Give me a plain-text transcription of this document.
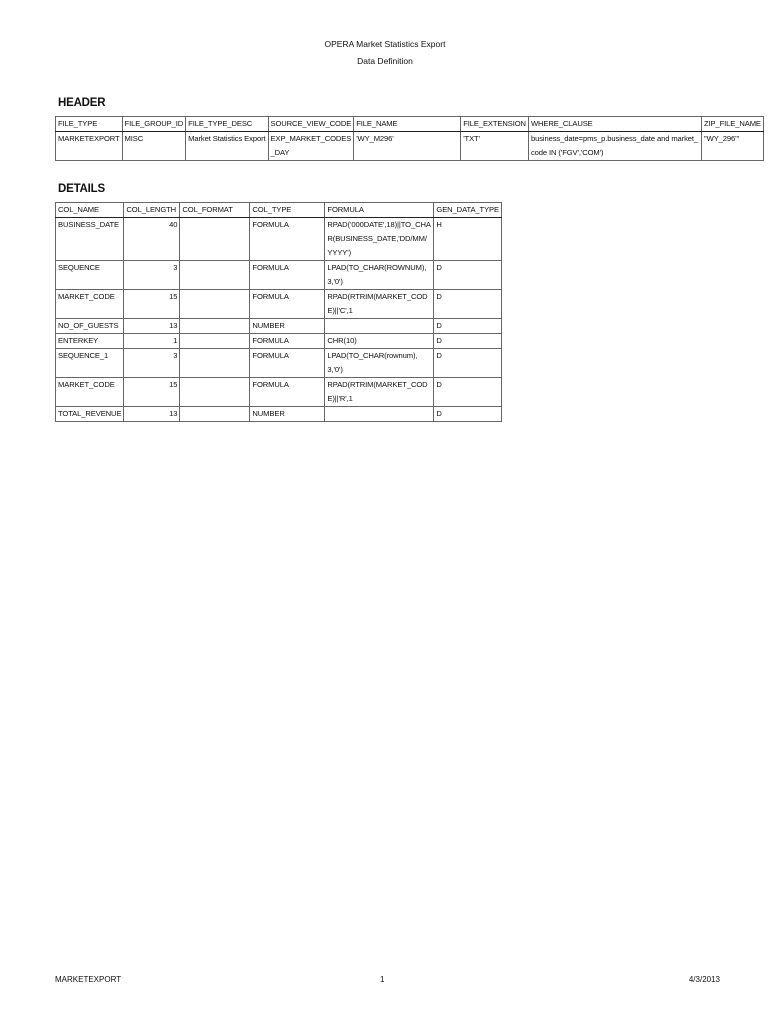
OPERA Market Statistics Export
Data Definition
HEADER
FILE_TYPE	FILE_GROUP_ID	FILE_TYPE_DESC	SOURCE_VIEW_CODE	FILE_NAME	FILE_EXTENSION	WHERE_CLAUSE	ZIP_FILE_NAME
MARKETEXPORT	MISC	Market Statistics Export	EXP_MARKET_CODES_DAY	'WY_M296'	'TXT'	business_date=pms_p.business_date and market_code IN ('FGV','COM')	''WY_296'''
DETAILS
COL_NAME	COL_LENGTH	COL_FORMAT	COL_TYPE	FORMULA	GEN_DATA_TYPE
BUSINESS_DATE	40		FORMULA	RPAD('000DATE',18)||TO_CHAR(BUSINESS_DATE,'DD/MM/YYYY')	H
SEQUENCE	3		FORMULA	LPAD(TO_CHAR(ROWNUM),3,'0')	D
MARKET_CODE	15		FORMULA	RPAD(RTRIM(MARKET_CODE)||'C',1	D
NO_OF_GUESTS	13		NUMBER		D
ENTERKEY	1		FORMULA	CHR(10)	D
SEQUENCE_1	3		FORMULA	LPAD(TO_CHAR(rownum),3,'0')	D
MARKET_CODE	15		FORMULA	RPAD(RTRIM(MARKET_CODE)||'R',1	D
TOTAL_REVENUE	13		NUMBER		D
MARKETEXPORT	1	4/3/2013
